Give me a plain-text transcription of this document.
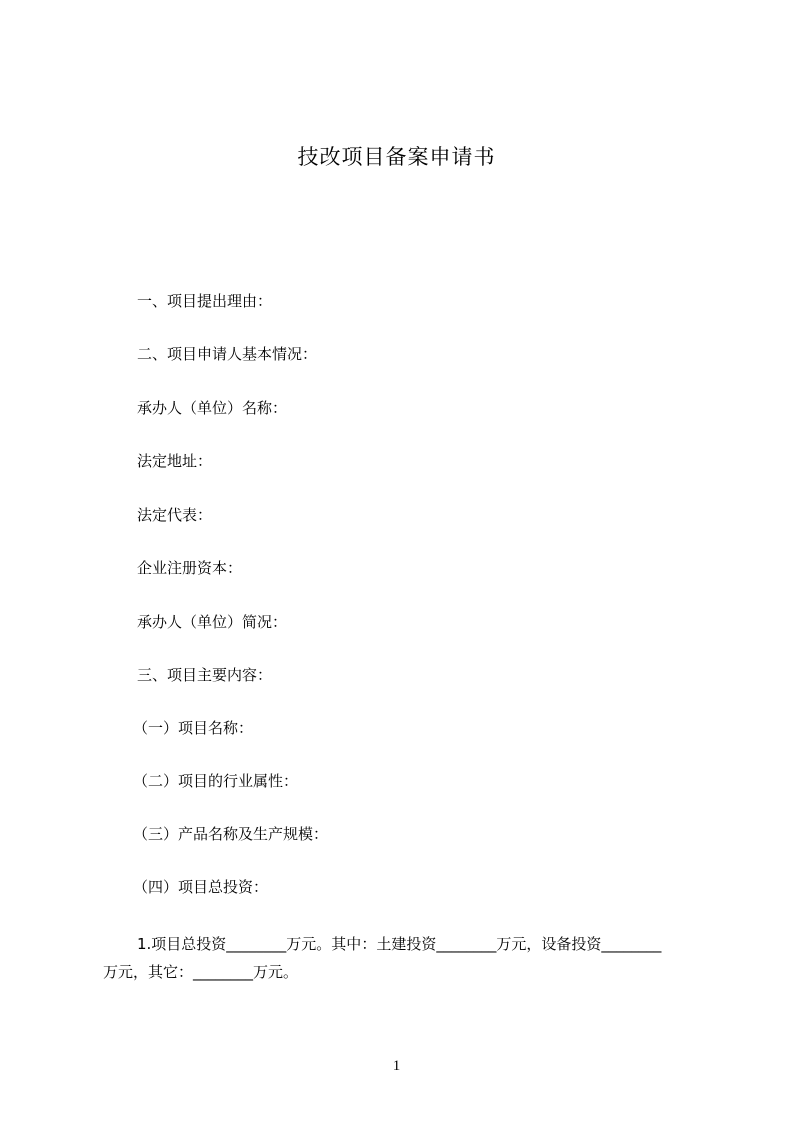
技改项目备案申请书
一、项目提出理由：
二、项目申请人基本情况：
承办人（单位）名称：
法定地址：
法定代表：
企业注册资本：
承办人（单位）简况：
三、项目主要内容：
（一）项目名称：
（二）项目的行业属性：
（三）产品名称及生产规模：
（四）项目总投资：
1.项目总投资________万元。其中：土建投资________万元，设备投资________
万元，其它：________万元。
1
